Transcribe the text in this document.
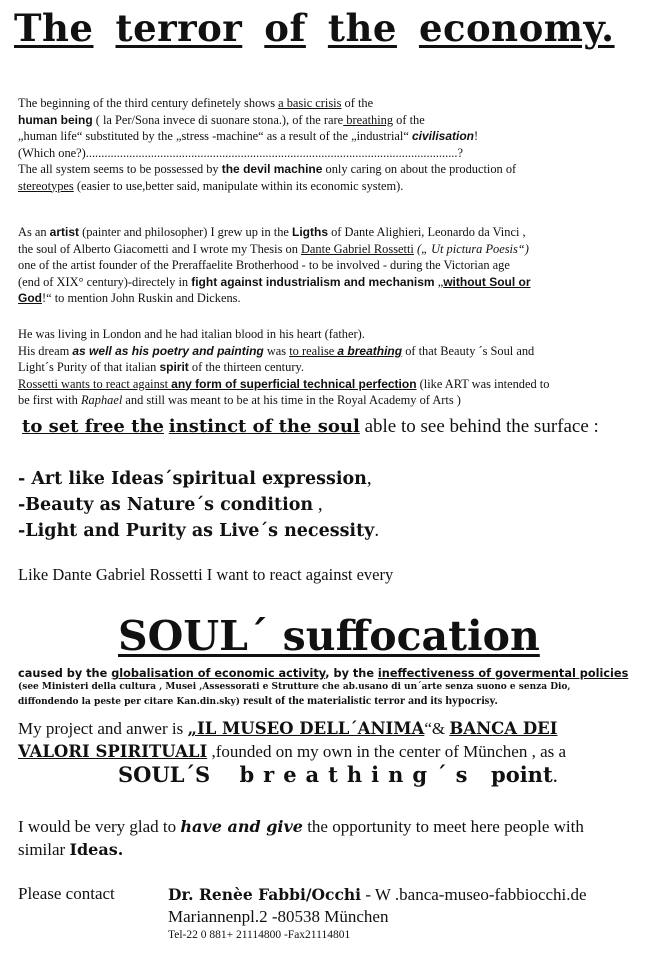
The terror of the economy.

The beginning of the third century definetely shows a basic crisis of the
human being ( la Per/Sona invece di suonare stona.), of the rare breathing of the
„human life“ substituted by the „stress -machine“ as a result of the „industrial“ civilisation!
(Which one?)........................................................................................................................?
The all system seems to be possessed by the devil machine only caring on about the production of
stereotypes (easier to use,better said, manipulate within its economic system).

As an artist (painter and philosopher) I grew up in the Ligths of Dante Alighieri, Leonardo da Vinci ,
the soul of Alberto Giacometti and I wrote my Thesis on Dante Gabriel Rossetti („ Ut pictura Poesis“)
one of the artist founder of the Preraffaelite Brotherhood - to be involved - during the Victorian age
(end of XIX° century)-directely in fight against industrialism and mechanism „without Soul or
God!“ to mention John Ruskin and Dickens.

He was living in London and he had italian blood in his heart (father).
His dream as well as his poetry and painting was to realise a breathing of that Beauty ´s Soul and
Light´s Purity of that italian spirit of the thirteen century.
Rossetti wants to react against any form of superficial technical perfection (like ART was intended to
be first with Raphael and still was meant to be at his time in the Royal Academy of Arts )

to set free the instinct of the soul able to see behind the surface :

- Art like Ideas´spiritual expression,
-Beauty as Nature´s condition ,
-Light and Purity as Live´s necessity.

Like Dante Gabriel Rossetti I want to react against every

SOUL´ suffocation
caused by the globalisation of economic activity, by the ineffectiveness of govermental policies
(see Ministeri della cultura , Musei ,Assessorati e Strutture che ab.usano di un´arte senza suono e senza Dio,
diffondendo la peste per citare Kan.din.sky) result of the materialistic terror and its hypocrisy.

My project and anwer is „IL MUSEO DELL´ANIMA“& BANCA DEI
VALORI SPIRITUALI ,founded on my own in the center of München , as a

SOUL´S breathing´s point.

I would be very glad to have and give the opportunity to meet here people with
similar Ideas.

Please contact	Dr. Renèe Fabbi/Occhi - W .banca-museo-fabbiocchi.de
Mariannenpl.2 -80538 München
Tel-22 0 881+ 21114800 -Fax21114801
